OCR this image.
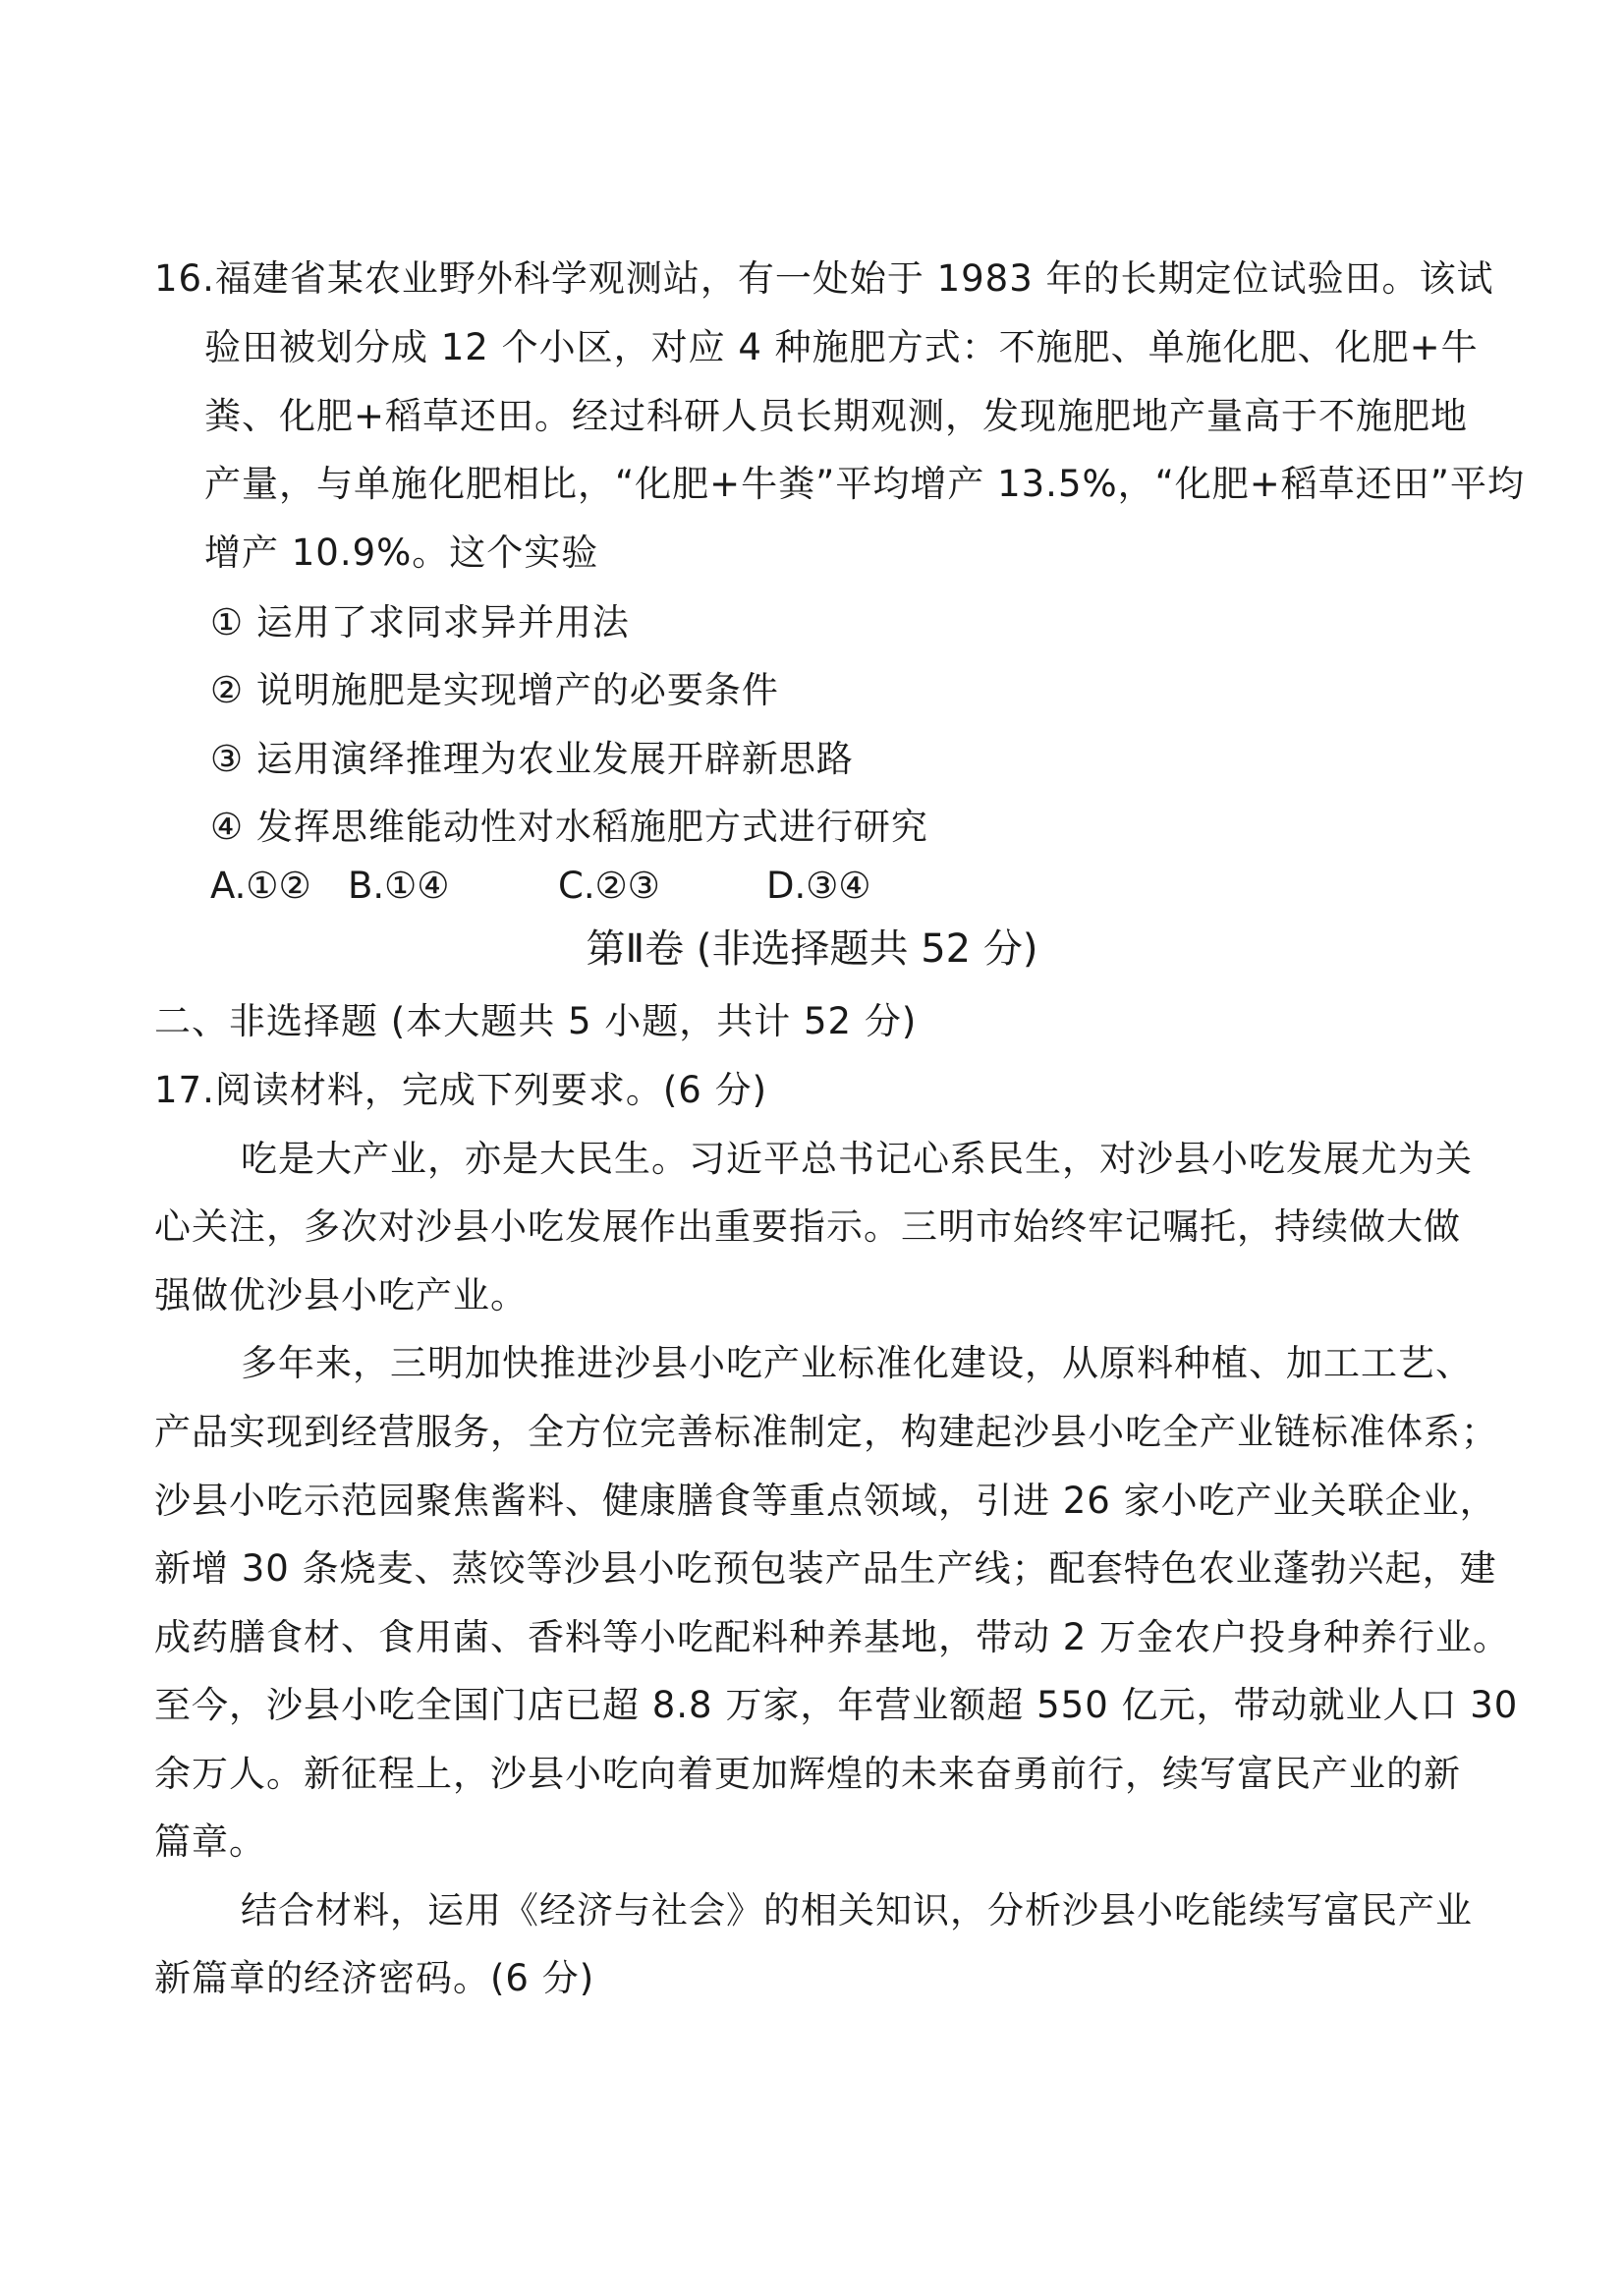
16.福建省某农业野外科学观测站，有一处始于 1983 年的长期定位试验田。该试
验田被划分成 12 个小区，对应 4 种施肥方式：不施肥、单施化肥、化肥+牛
粪、化肥+稻草还田。经过科研人员长期观测，发现施肥地产量高于不施肥地
产量，与单施化肥相比，“化肥+牛粪”平均增产 13.5%，“化肥+稻草还田”平均
增产 10.9%。这个实验
① 运用了求同求异并用法
② 说明施肥是实现增产的必要条件
③ 运用演绎推理为农业发展开辟新思路
④ 发挥思维能动性对水稻施肥方式进行研究
A.①② B.①④	C.②③	D.③④
第Ⅱ卷 (非选择题共 52 分)
二、非选择题 (本大题共 5 小题，共计 52 分)
17.阅读材料，完成下列要求。(6 分)
吃是大产业，亦是大民生。习近平总书记心系民生，对沙县小吃发展尤为关
心关注，多次对沙县小吃发展作出重要指示。三明市始终牢记嘱托，持续做大做
强做优沙县小吃产业。
多年来，三明加快推进沙县小吃产业标准化建设，从原料种植、加工工艺、
产品实现到经营服务，全方位完善标准制定，构建起沙县小吃全产业链标准体系；
沙县小吃示范园聚焦酱料、健康膳食等重点领域，引进 26 家小吃产业关联企业，
新增 30 条烧麦、蒸饺等沙县小吃预包装产品生产线；配套特色农业蓬勃兴起，建
成药膳食材、食用菌、香料等小吃配料种养基地，带动 2 万金农户投身种养行业。
至今，沙县小吃全国门店已超 8.8 万家，年营业额超 550 亿元，带动就业人口 30
余万人。新征程上，沙县小吃向着更加辉煌的未来奋勇前行，续写富民产业的新
篇章。
结合材料，运用《经济与社会》的相关知识，分析沙县小吃能续写富民产业
新篇章的经济密码。(6 分)
